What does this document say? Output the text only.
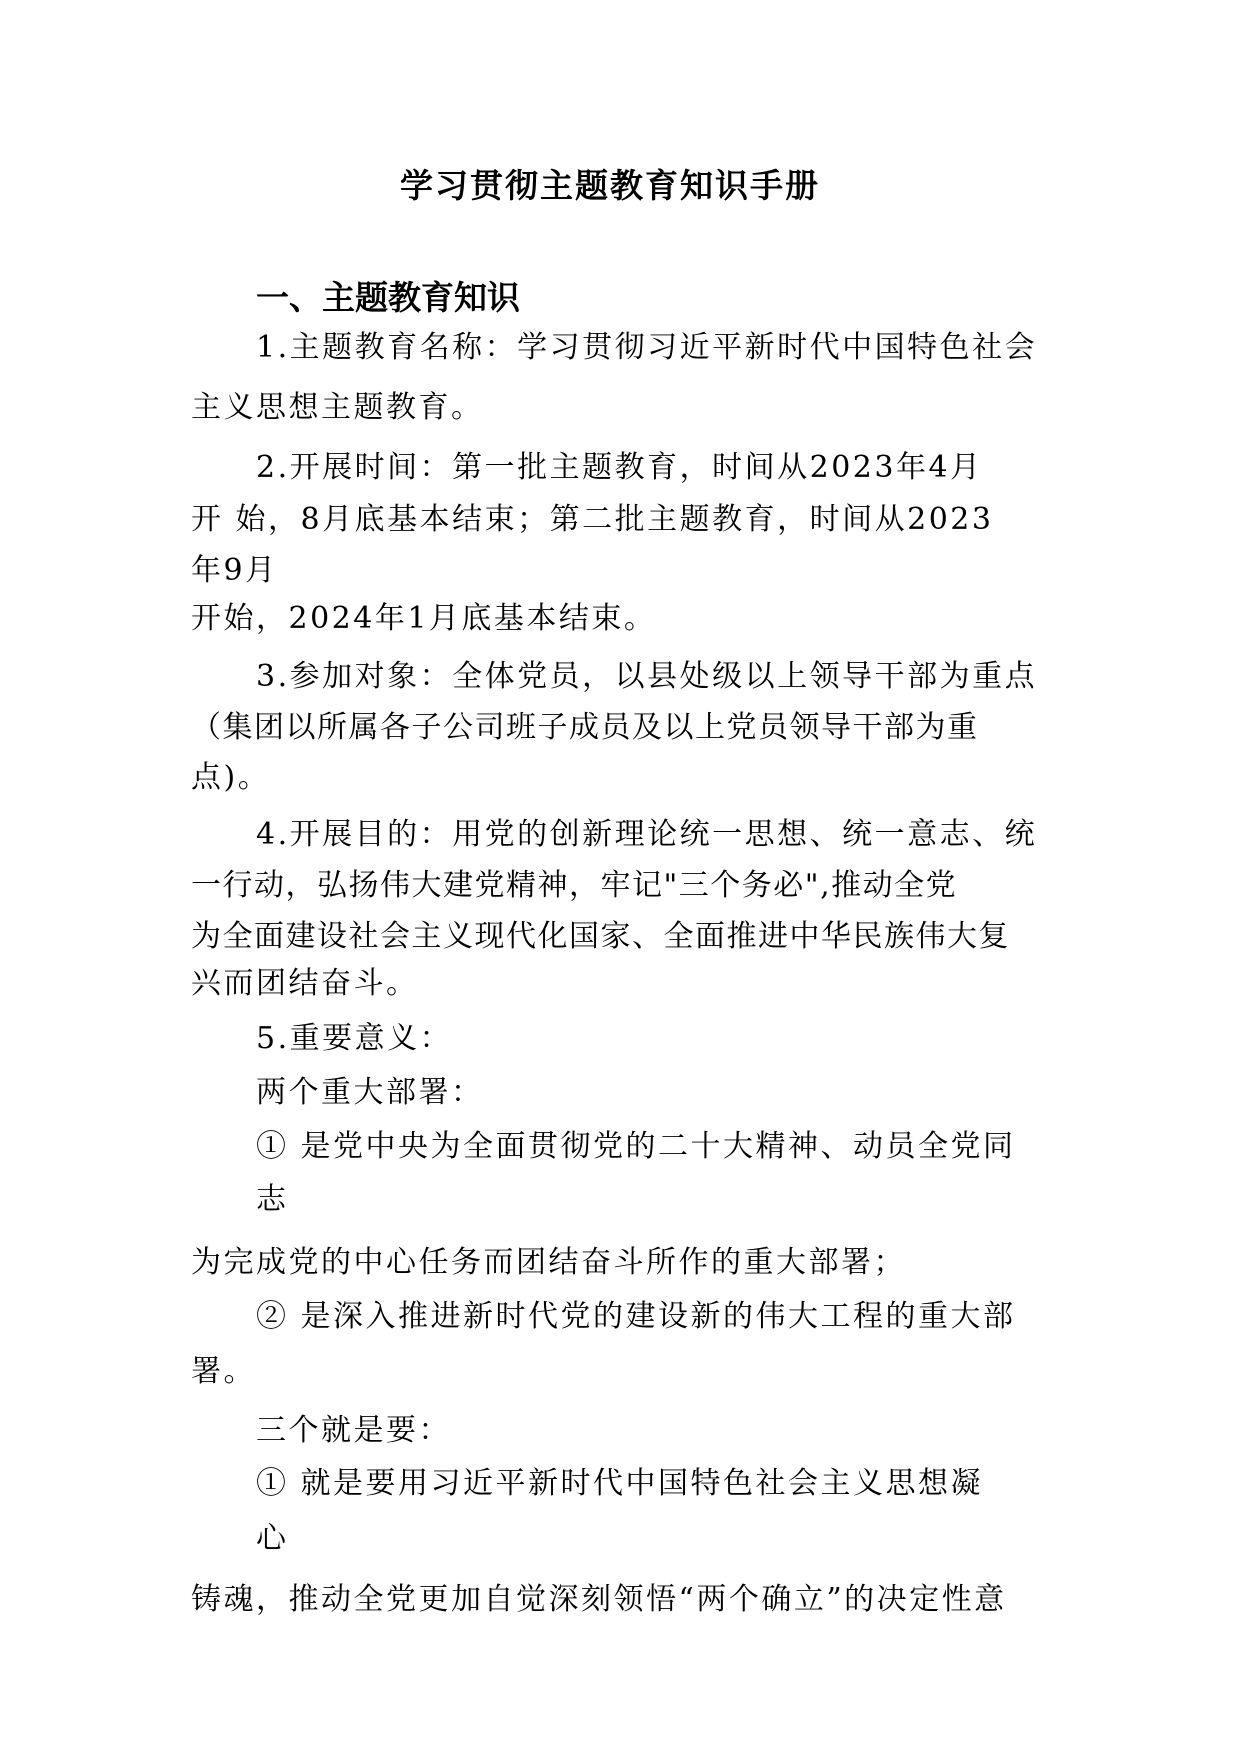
学习贯彻主题教育知识手册
一、主题教育知识

1.主题教育名称：学习贯彻习近平新时代中国特色社会

主义思想主题教育。

2.开展时间：第一批主题教育，时间从2023年4月

开 始，8月底基本结束；第二批主题教育，时间从2023

年9月

开始，2024年1月底基本结束。

3.参加对象：全体党员，以县处级以上领导干部为重点

（集团以所属各子公司班子成员及以上党员领导干部为重

点)。

4.开展目的：用党的创新理论统一思想、统一意志、统

一行动，弘扬伟大建党精神，牢记"三个务必",推动全党

为全面建设社会主义现代化国家、全面推进中华民族伟大复

兴而团结奋斗。

5.重要意义：

两个重大部署：

① 是党中央为全面贯彻党的二十大精神、动员全党同

志

为完成党的中心任务而团结奋斗所作的重大部署；

② 是深入推进新时代党的建设新的伟大工程的重大部

署。

三个就是要：

① 就是要用习近平新时代中国特色社会主义思想凝

心

铸魂，推动全党更加自觉深刻领悟“两个确立”的决定性意
